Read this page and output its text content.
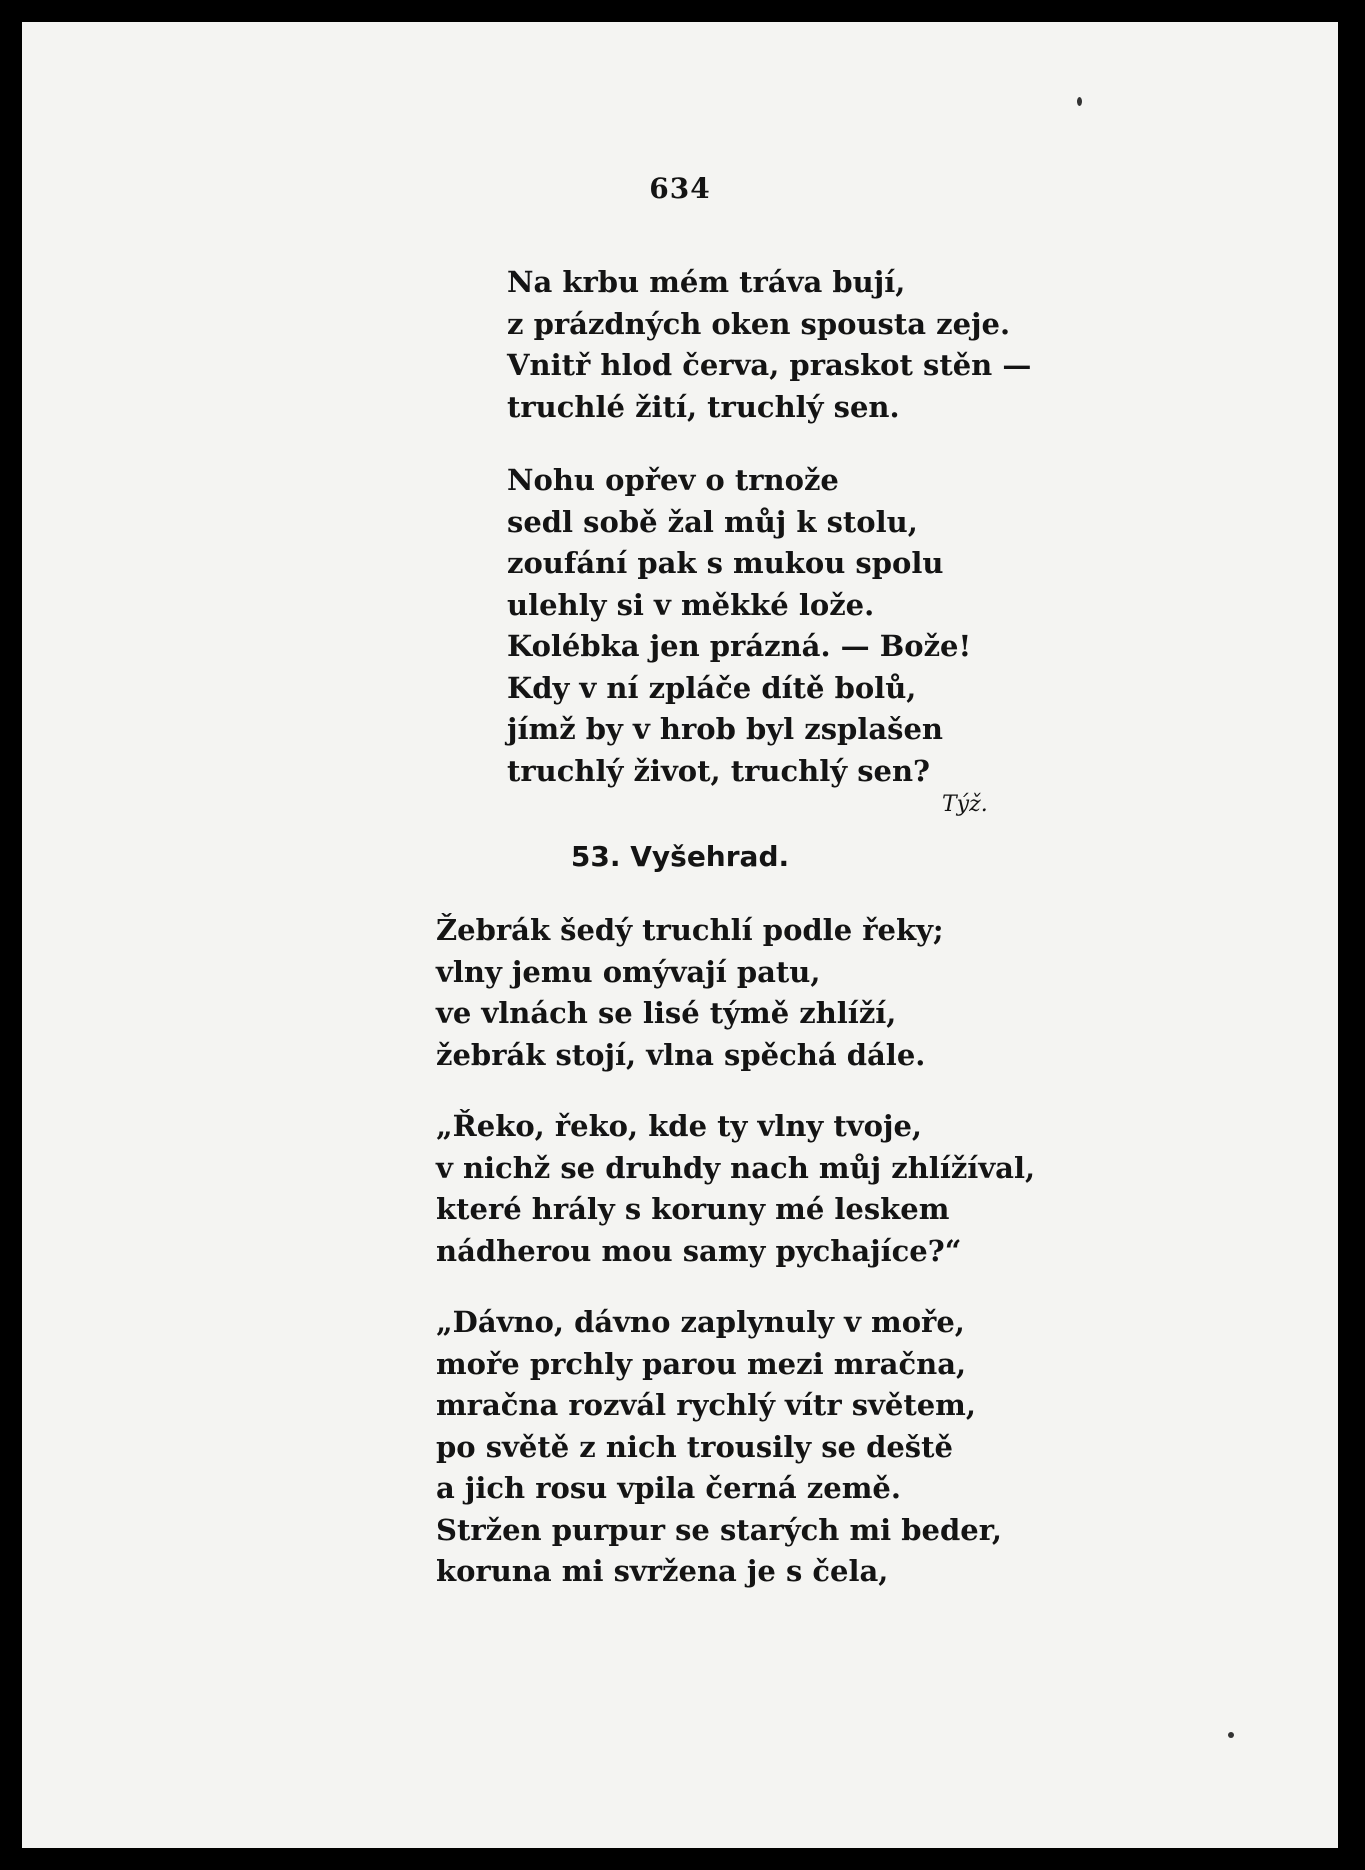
634

Na krbu mém tráva bují,
z prázdných oken spousta zeje.
Vnitř hlod červa, praskot stěn —
truchlé žití, truchlý sen.

Nohu opřev o trnože
sedl sobě žal můj k stolu,
zoufání pak s mukou spolu
ulehly si v měkké lože.
Kolébka jen prázná. — Bože!
Kdy v ní zpláče dítě bolů,
jímž by v hrob byl zsplašen
truchlý život, truchlý sen?

Týž.
53. Vyšehrad.

Žebrák šedý truchlí podle řeky;
vlny jemu omývají patu,
ve vlnách se lisé týmě zhlíží,
žebrák stojí, vlna spěchá dále.

„Řeko, řeko, kde ty vlny tvoje,
v nichž se druhdy nach můj zhlížíval,
které hrály s koruny mé leskem
nádherou mou samy pychajíce?“

„Dávno, dávno zaplynuly v moře,
moře prchly parou mezi mračna,
mračna rozvál rychlý vítr světem,
po světě z nich trousily se deště
a jich rosu vpila černá země.
Stržen purpur se starých mi beder,
koruna mi svržena je s čela,
